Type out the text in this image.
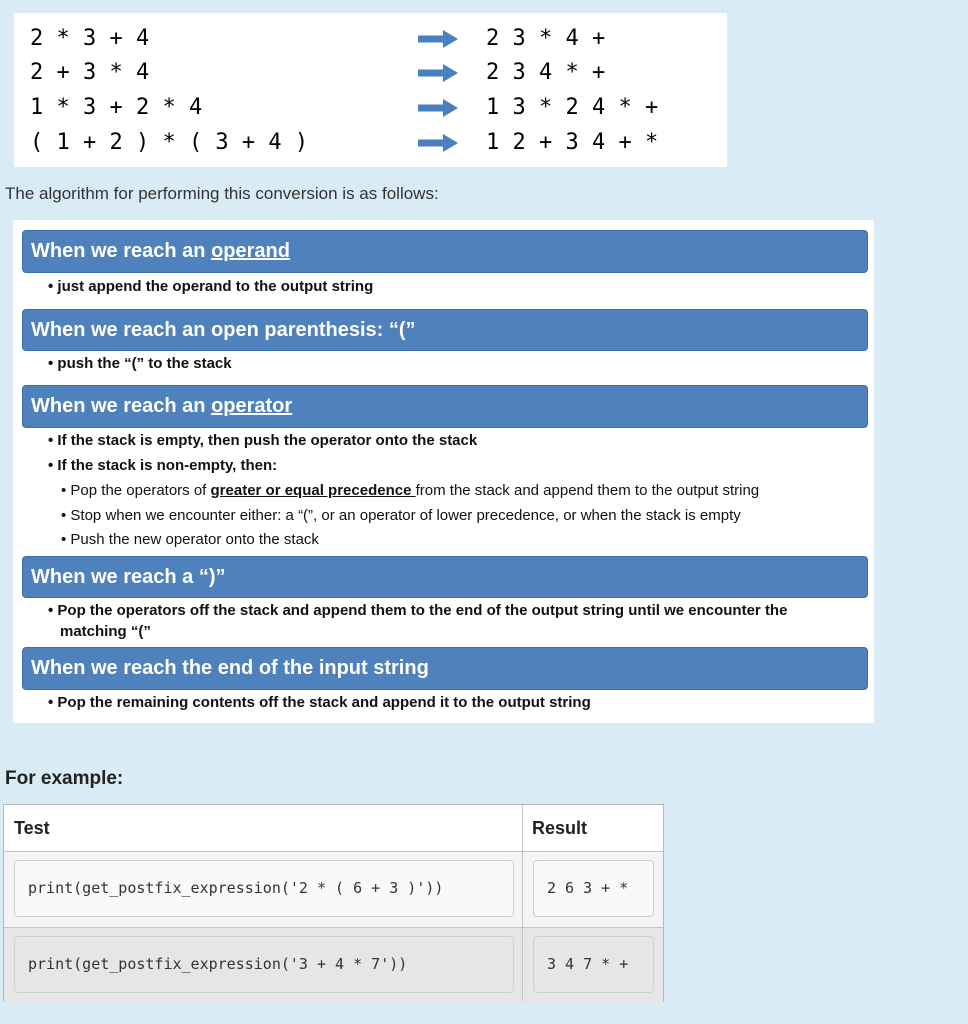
2 * 3 + 4	2 3 * 4 +
2 + 3 * 4	2 3 4 * +
1 * 3 + 2 * 4	1 3 * 2 4 * +
( 1 + 2 ) * ( 3 + 4 )	1 2 + 3 4 + *
The algorithm for performing this conversion is as follows:
When we reach an operand
• just append the operand to the output string
When we reach an open parenthesis: “(”
• push the “(” to the stack
When we reach an operator
• If the stack is empty, then push the operator onto the stack
• If the stack is non-empty, then:
• Pop the operators of greater or equal precedence from the stack and append them to the output string
• Stop when we encounter either: a “(”, or an operator of lower precedence, or when the stack is empty
• Push the new operator onto the stack
When we reach a “)”
• Pop the operators off the stack and append them to the end of the output string until we encounter the
matching “(”
When we reach the end of the input string
• Pop the remaining contents off the stack and append it to the output string
For example:
Test	Result
print(get_postfix_expression('2 * ( 6 + 3 )'))	2 6 3 + *
print(get_postfix_expression('3 + 4 * 7'))	3 4 7 * +
